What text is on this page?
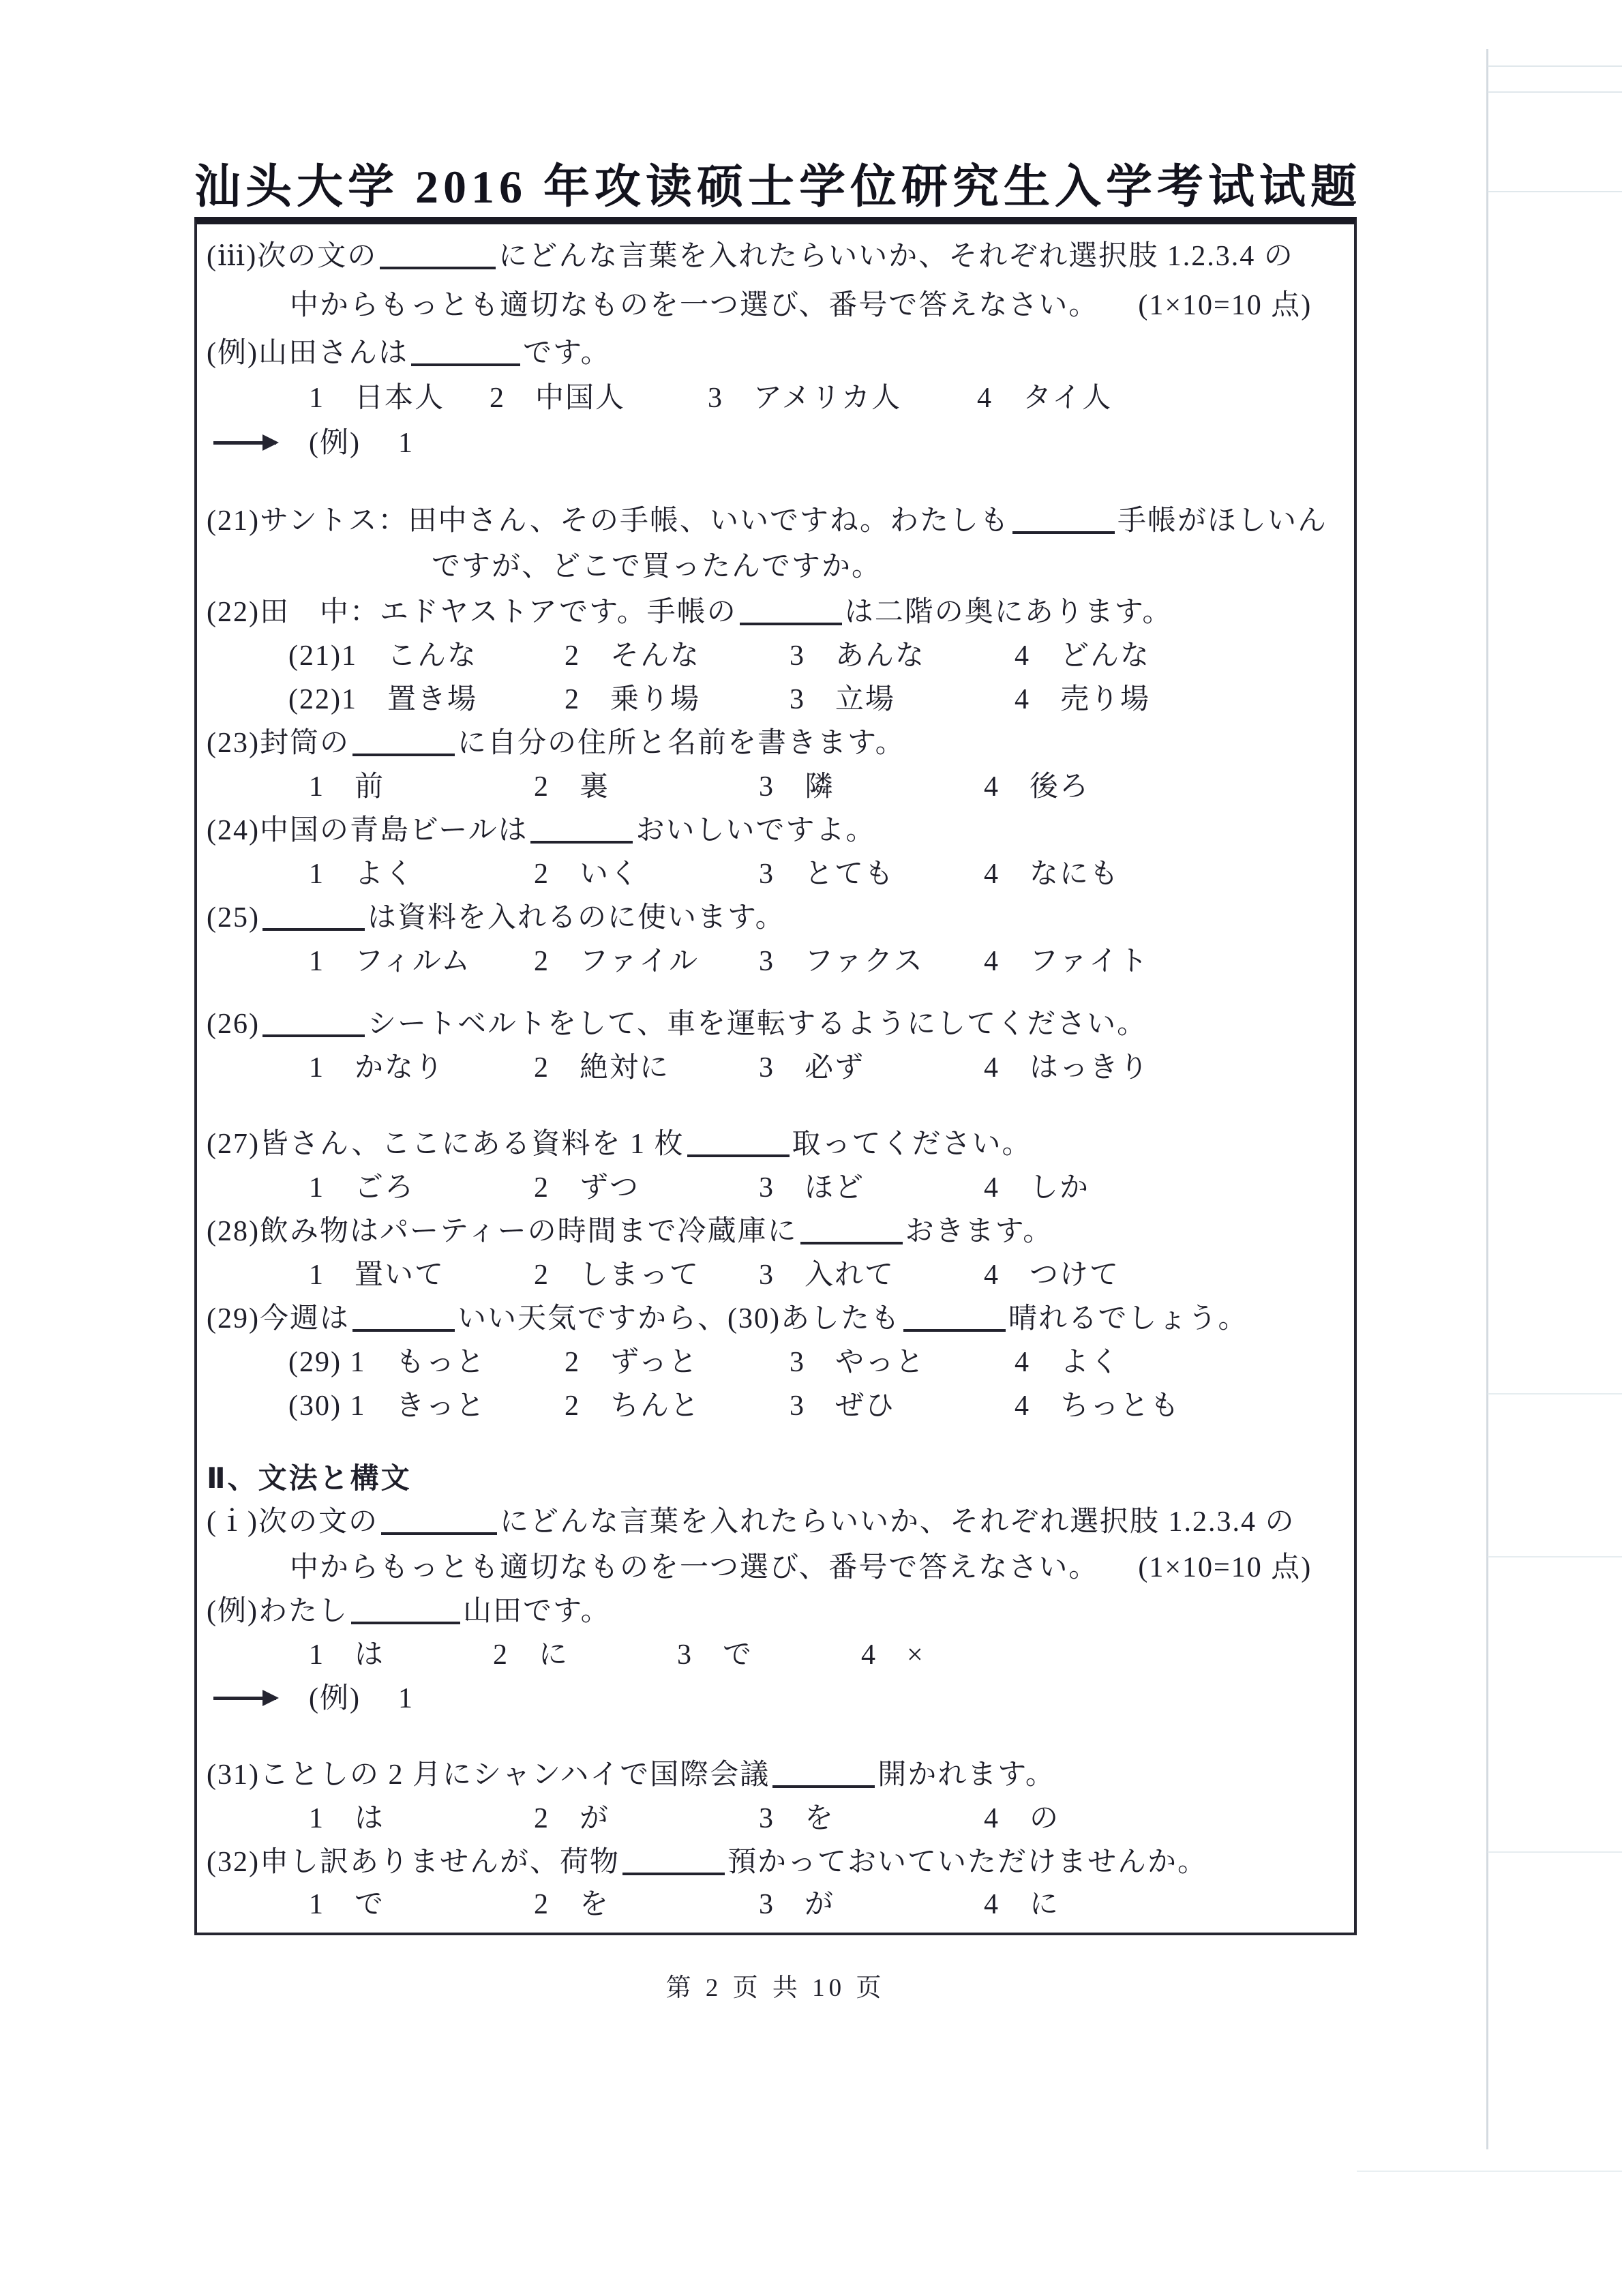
汕头大学 2016 年攻读硕士学位研究生入学考试试题
(ⅲ)次の文の	にどんな言葉を入れたらいいか、それぞれ選択肢 1.2.3.4 の
中からもっとも適切なものを一つ選び、番号で答えなさい。 (1×10=10 点)
(例)山田さんは	です。
1　日本人 2　中国人	3　アメリカ人	4　タイ人
(例) 1
(21)サントス：田中さん、その手帳、いいですね。わたしも	手帳がほしいん
ですが、どこで買ったんですか。
(22)田　中：エドヤストアです。手帳の	は二階の奥にあります。
(21)1　こんな	2　そんな	3　あんな	4　どんな
(22)1　置き場	2　乗り場	3　立場	4　売り場
(23)封筒の	に自分の住所と名前を書きます。
1　前	2　裏	3　隣	4　後ろ
(24)中国の青島ビールは	おいしいですよ。
1　よく	2　いく	3　とても	4　なにも
(25)	は資料を入れるのに使います。
1　フィルム 2　ファイル 3　ファクス 4　ファイト
(26)	シートベルトをして、車を運転するようにしてください。
1　かなり	2　絶対に	3　必ず	4　はっきり
(27)皆さん、ここにある資料を 1 枚	取ってください。
1　ごろ	2　ずつ	3　ほど	4　しか
(28)飲み物はパーティーの時間まで冷蔵庫に	おきます。
1　置いて	2　しまって 3　入れて	4　つけて
(29)今週は	いい天気ですから、(30)あしたも	晴れるでしょう。
(29) 1　もっと	2　ずっと	3　やっと	4　よく
(30) 1　きっと	2　ちんと	3　ぜひ	4　ちっとも
Ⅱ、文法と構文
(ｉ)次の文の	にどんな言葉を入れたらいいか、それぞれ選択肢 1.2.3.4 の
中からもっとも適切なものを一つ選び、番号で答えなさい。 (1×10=10 点)
(例)わたし	山田です。
1　は	2　に	3　で	4　×
(例) 1
(31)ことしの 2 月にシャンハイで国際会議	開かれます。
1　は	2　が	3　を	4　の
(32)申し訳ありませんが、荷物	預かっておいていただけませんか。
1　で	2　を	3　が	4　に
第 2 页 共 10 页
